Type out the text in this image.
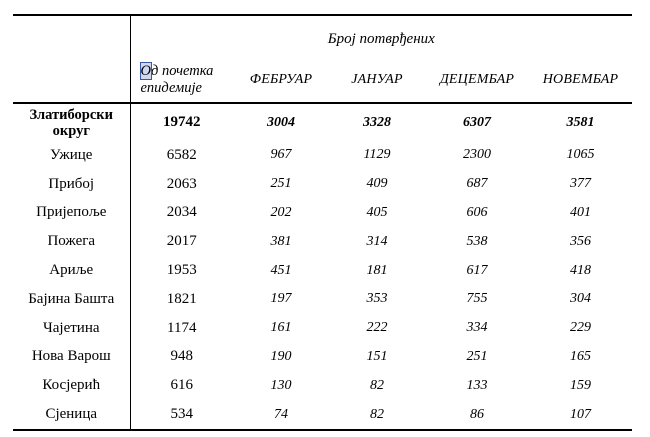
	Број потврђених				
	Од почетка епидемије	ФЕБРУАР	ЈАНУАР	ДЕЦЕМБАР	НОВЕМБАР
Златиборски округ	19742	3004	3328	6307	3581
Ужице	6582	967	1129	2300	1065
Прибој	2063	251	409	687	377
Пријепоље	2034	202	405	606	401
Пожега	2017	381	314	538	356
Ариље	1953	451	181	617	418
Бајина Башта	1821	197	353	755	304
Чајетина	1174	161	222	334	229
Нова Варош	948	190	151	251	165
Косјерић	616	130	82	133	159
Сјеница	534	74	82	86	107
